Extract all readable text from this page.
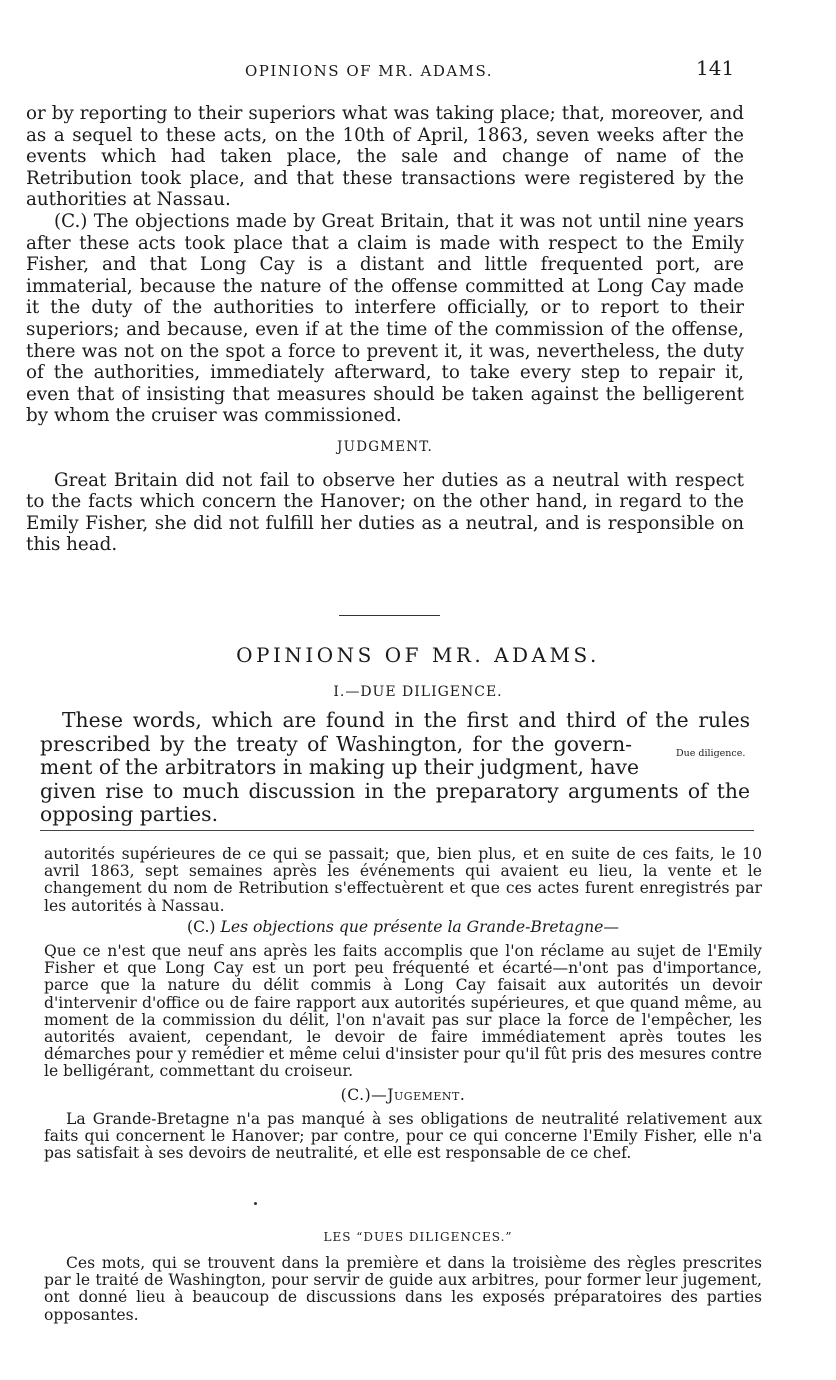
OPINIONS OF MR. ADAMS.	141

or by reporting to their superiors what was taking place; that, moreover, and as a sequel to these acts, on the 10th of April, 1863, seven weeks after the events which had taken place, the sale and change of name of the Retribution took place, and that these transactions were registered by the authorities at Nassau.

(C.) The objections made by Great Britain, that it was not until nine years after these acts took place that a claim is made with respect to the Emily Fisher, and that Long Cay is a distant and little frequented port, are immaterial, because the nature of the offense committed at Long Cay made it the duty of the authorities to interfere officially, or to report to their superiors; and because, even if at the time of the commission of the offense, there was not on the spot a force to prevent it, it was, nevertheless, the duty of the authorities, immediately afterward, to take every step to repair it, even that of insisting that measures should be taken against the belligerent by whom the cruiser was commissioned.

JUDGMENT.

Great Britain did not fail to observe her duties as a neutral with respect to the facts which concern the Hanover; on the other hand, in regard to the Emily Fisher, she did not fulfill her duties as a neutral, and is responsible on this head.

OPINIONS OF MR. ADAMS.
I.—DUE DILIGENCE.
These words, which are found in the first and third of the rules
prescribed by the treaty of Washington, for the govern-
ment of the arbitrators in making up their judgment, have
given rise to much discussion in the preparatory arguments of the
opposing parties.
Due diligence.

autorités supérieures de ce qui se passait; que, bien plus, et en suite de ces faits, le 10 avril 1863, sept semaines après les événements qui avaient eu lieu, la vente et le changement du nom de Retribution s'effectuèrent et que ces actes furent enregistrés par les autorités à Nassau.

(C.) Les objections que présente la Grande-Bretagne—

Que ce n'est que neuf ans après les faits accomplis que l'on réclame au sujet de l'Emily Fisher et que Long Cay est un port peu fréquenté et écarté—n'ont pas d'importance, parce que la nature du délit commis à Long Cay faisait aux autorités un devoir d'intervenir d'office ou de faire rapport aux autorités supérieures, et que quand même, au moment de la commission du délit, l'on n'avait pas sur place la force de l'empêcher, les autorités avaient, cependant, le devoir de faire immédiatement après toutes les démarches pour y remédier et même celui d'insister pour qu'il fût pris des mesures contre le belligérant, commettant du croiseur.

(C.)—Jugement.

La Grande-Bretagne n'a pas manqué à ses obligations de neutralité relativement aux faits qui concernent le Hanover; par contre, pour ce qui concerne l'Emily Fisher, elle n'a pas satisfait à ses devoirs de neutralité, et elle est responsable de ce chef.

LES “DUES DILIGENCES.”

Ces mots, qui se trouvent dans la première et dans la troisième des règles prescrites par le traité de Washington, pour servir de guide aux arbitres, pour former leur jugement, ont donné lieu à beaucoup de discussions dans les exposés préparatoires des parties opposantes.
